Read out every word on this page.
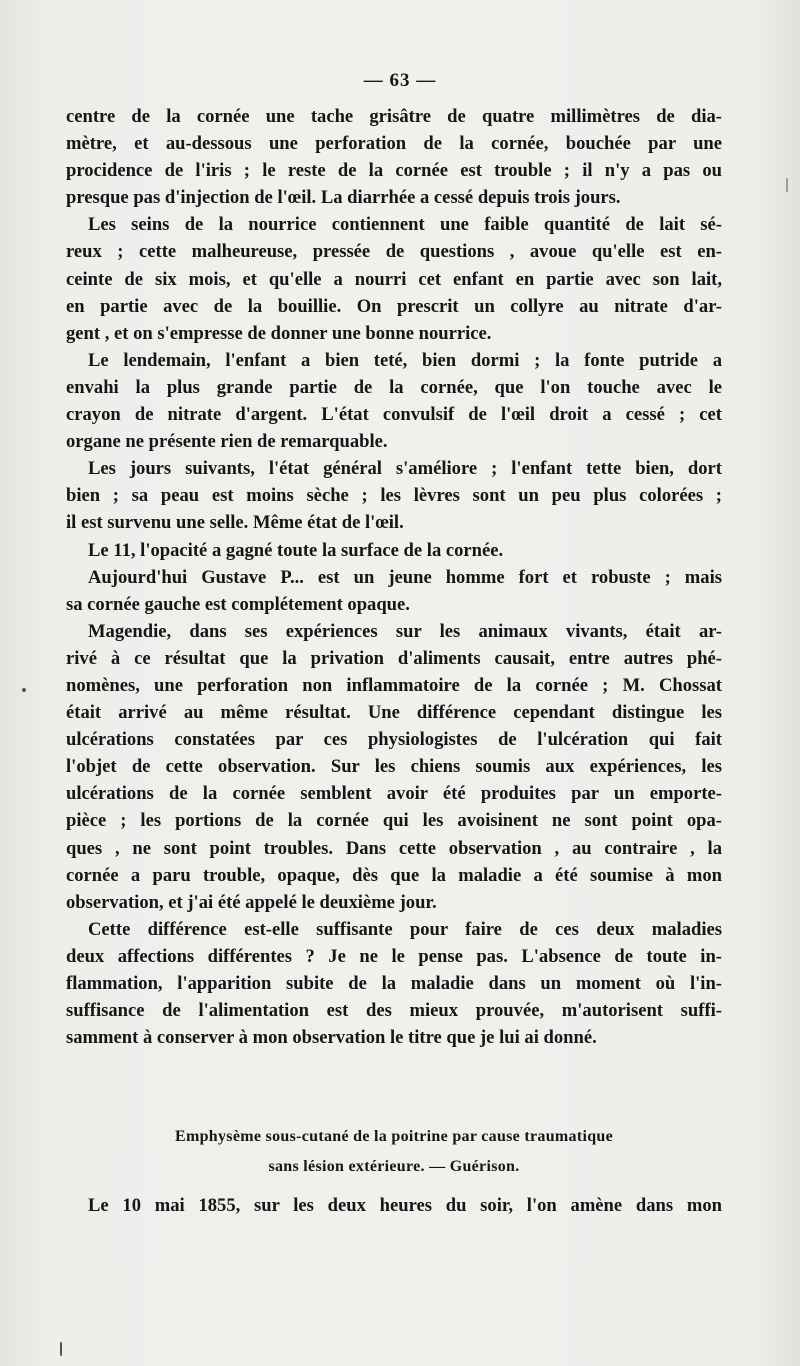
— 63 —
centre de la cornée une tache grisâtre de quatre millimètres de dia-
mètre, et au-dessous une perforation de la cornée, bouchée par une
procidence de l'iris ; le reste de la cornée est trouble ; il n'y a pas ou
presque pas d'injection de l'œil. La diarrhée a cessé depuis trois jours.
Les seins de la nourrice contiennent une faible quantité de lait sé-
reux ; cette malheureuse, pressée de questions , avoue qu'elle est en-
ceinte de six mois, et qu'elle a nourri cet enfant en partie avec son lait,
en partie avec de la bouillie. On prescrit un collyre au nitrate d'ar-
gent , et on s'empresse de donner une bonne nourrice.
Le lendemain, l'enfant a bien teté, bien dormi ; la fonte putride a
envahi la plus grande partie de la cornée, que l'on touche avec le
crayon de nitrate d'argent. L'état convulsif de l'œil droit a cessé ; cet
organe ne présente rien de remarquable.
Les jours suivants, l'état général s'améliore ; l'enfant tette bien, dort
bien ; sa peau est moins sèche ; les lèvres sont un peu plus colorées ;
il est survenu une selle. Même état de l'œil.
Le 11, l'opacité a gagné toute la surface de la cornée.
Aujourd'hui Gustave P... est un jeune homme fort et robuste ; mais
sa cornée gauche est complétement opaque.
Magendie, dans ses expériences sur les animaux vivants, était ar-
rivé à ce résultat que la privation d'aliments causait, entre autres phé-
nomènes, une perforation non inflammatoire de la cornée ; M. Chossat
était arrivé au même résultat. Une différence cependant distingue les
ulcérations constatées par ces physiologistes de l'ulcération qui fait
l'objet de cette observation. Sur les chiens soumis aux expériences, les
ulcérations de la cornée semblent avoir été produites par un emporte-
pièce ; les portions de la cornée qui les avoisinent ne sont point opa-
ques , ne sont point troubles. Dans cette observation , au contraire , la
cornée a paru trouble, opaque, dès que la maladie a été soumise à mon
observation, et j'ai été appelé le deuxième jour.
Cette différence est-elle suffisante pour faire de ces deux maladies
deux affections différentes ? Je ne le pense pas. L'absence de toute in-
flammation, l'apparition subite de la maladie dans un moment où l'in-
suffisance de l'alimentation est des mieux prouvée, m'autorisent suffi-
samment à conserver à mon observation le titre que je lui ai donné.
Emphysème sous-cutané de la poitrine par cause traumatique
sans lésion extérieure. — Guérison.
Le 10 mai 1855, sur les deux heures du soir, l'on amène dans mon
